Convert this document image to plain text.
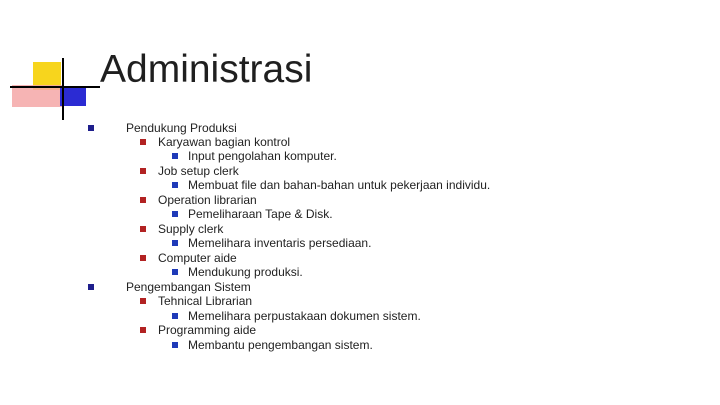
Administrasi
Pendukung Produksi
Karyawan bagian kontrol
Input pengolahan komputer.
Job setup clerk
Membuat file dan bahan-bahan untuk pekerjaan individu.
Operation librarian
Pemeliharaan Tape & Disk.
Supply clerk
Memelihara inventaris persediaan.
Computer aide
Mendukung produksi.
Pengembangan Sistem
Tehnical Librarian
Memelihara perpustakaan dokumen sistem.
Programming aide
Membantu pengembangan sistem.
